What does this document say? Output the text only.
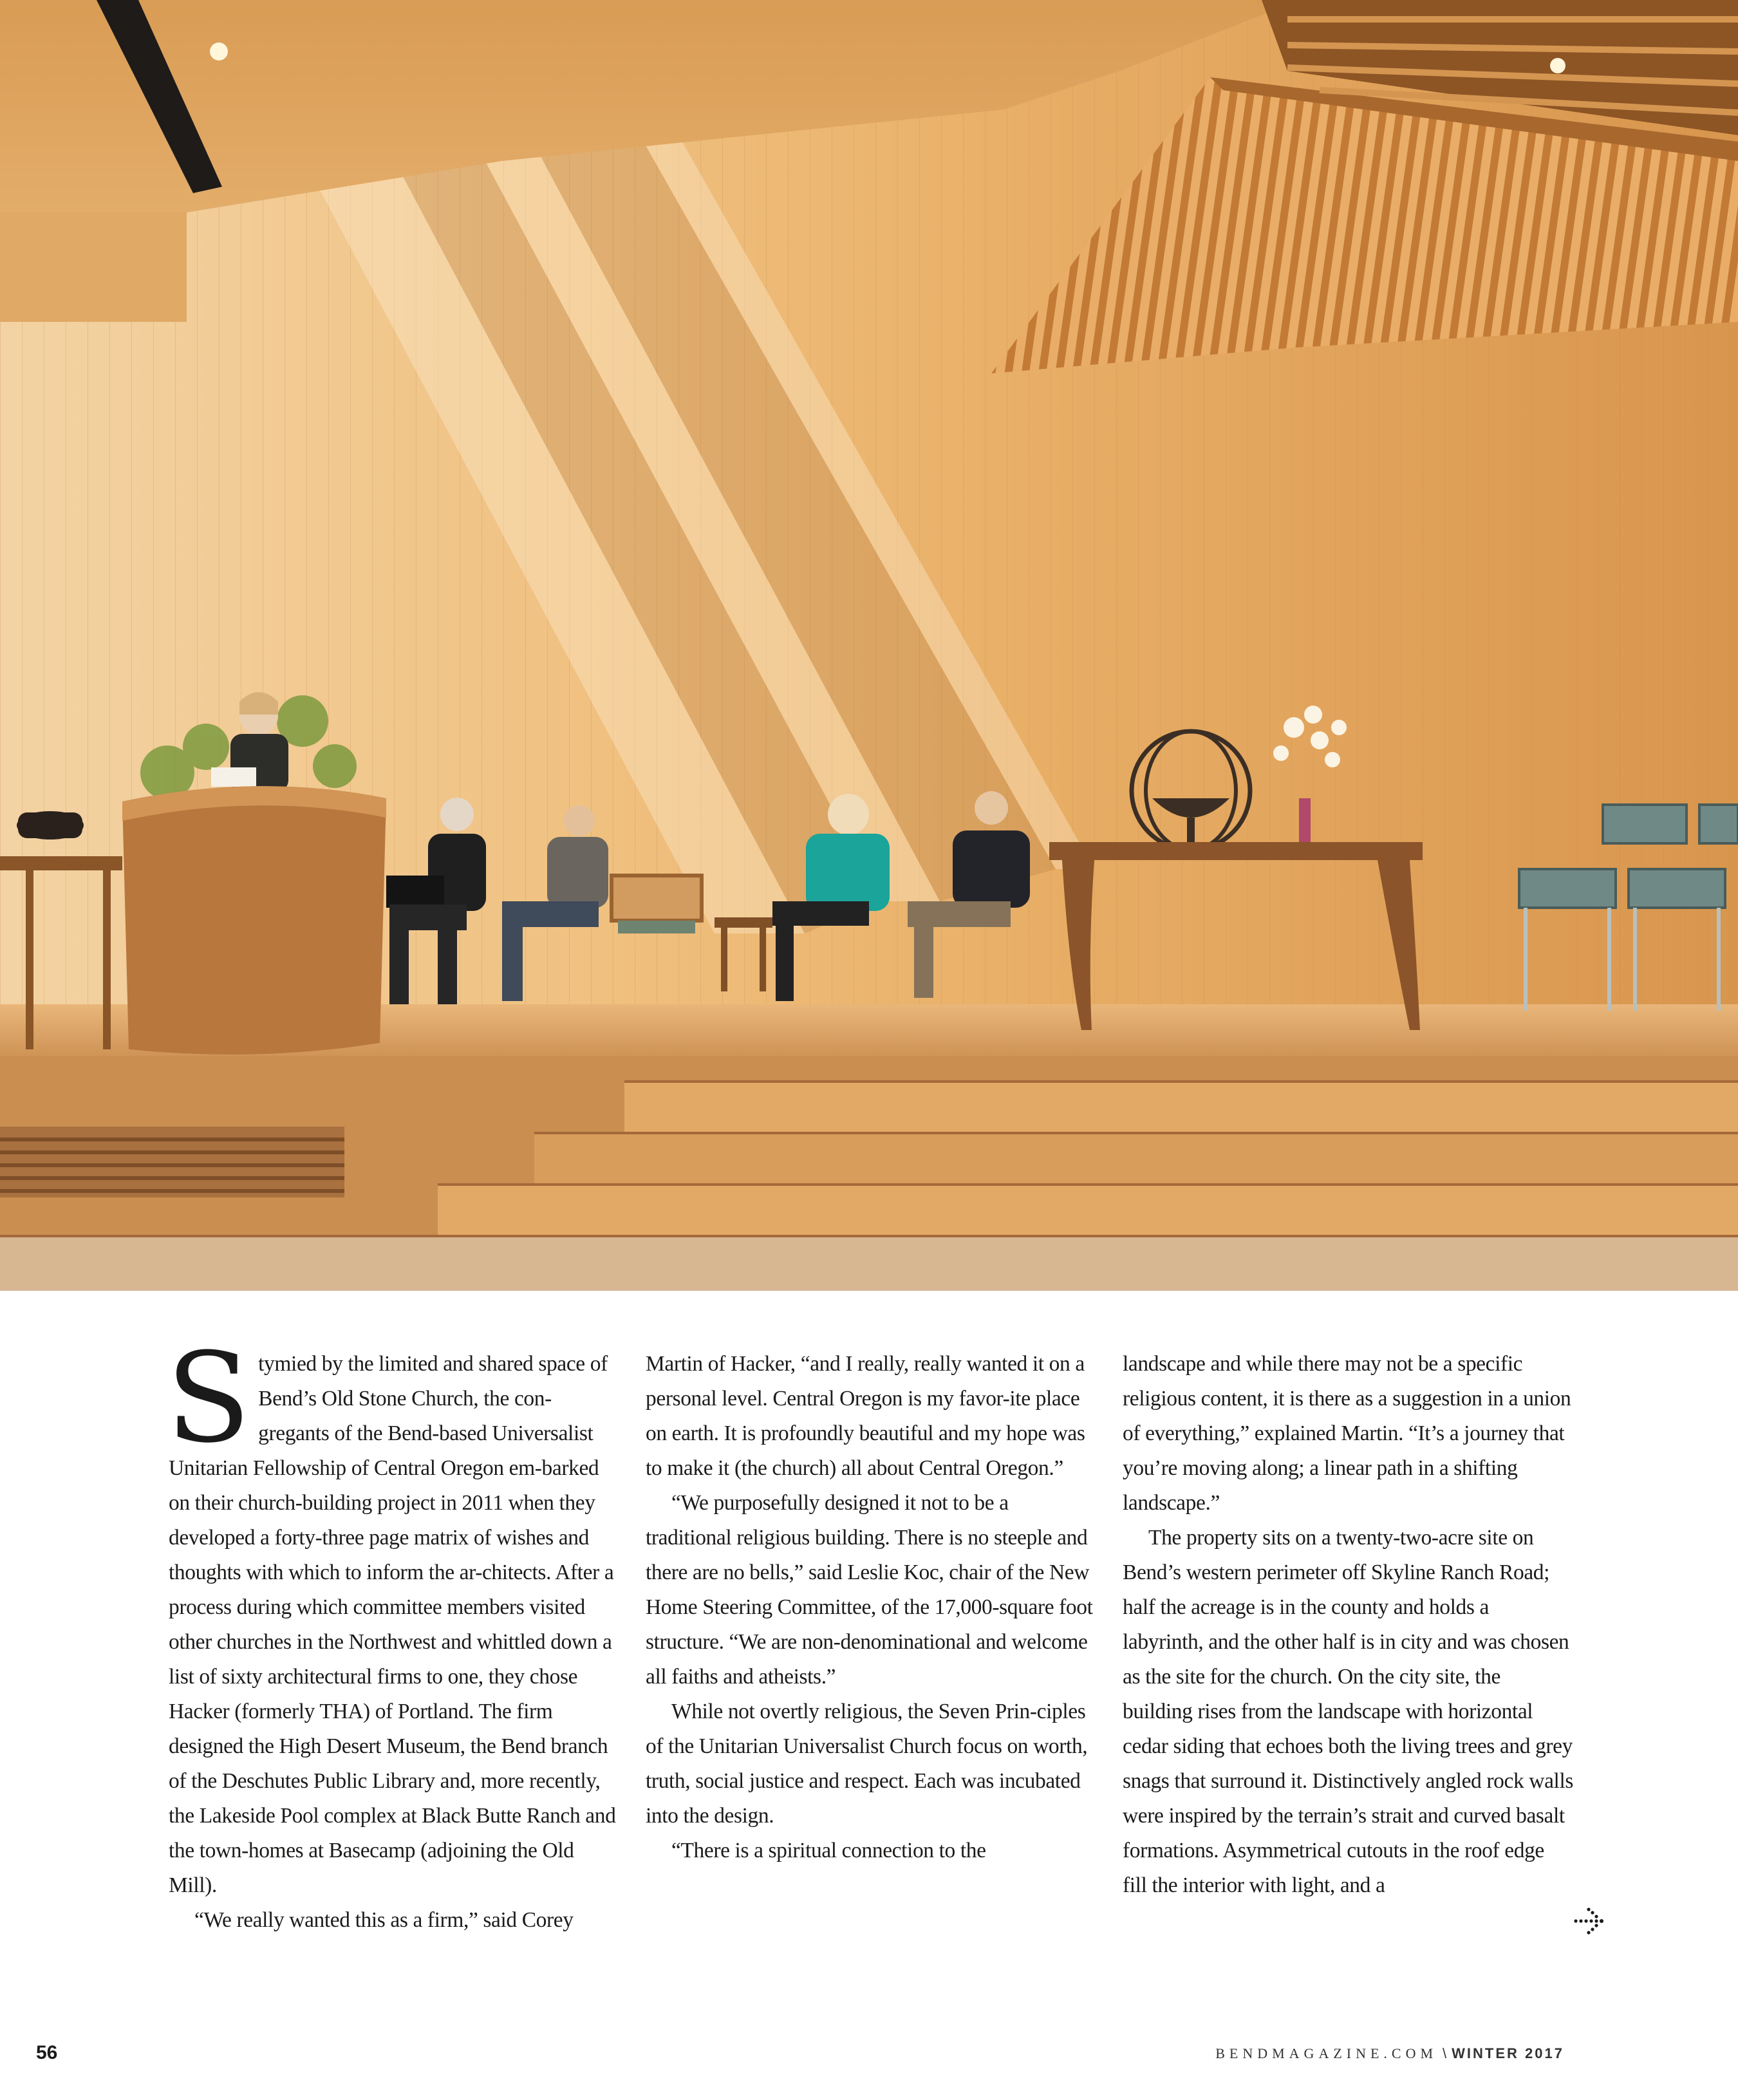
Stymied by the limited and shared space of Bend’s Old Stone Church, the con-gregants of the Bend-based Universalist Unitarian Fellowship of Central Oregon em-barked on their church-building project in 2011 when they developed a forty-three page matrix of wishes and thoughts with which to inform the ar-chitects. After a process during which committee members visited other churches in the Northwest and whittled down a list of sixty architectural firms to one, they chose Hacker (formerly THA) of Portland. The firm designed the High Desert Museum, the Bend branch of the Deschutes Public Library and, more recently, the Lakeside Pool complex at Black Butte Ranch and the town-homes at Basecamp (adjoining the Old Mill).

“We really wanted this as a firm,” said Corey

Martin of Hacker, “and I really, really wanted it on a personal level. Central Oregon is my favor-ite place on earth. It is profoundly beautiful and my hope was to make it (the church) all about Central Oregon.”

“We purposefully designed it not to be a traditional religious building. There is no steeple and there are no bells,” said Leslie Koc, chair of the New Home Steering Committee, of the 17,000-square foot structure. “We are non-denominational and welcome all faiths and atheists.”

While not overtly religious, the Seven Prin-ciples of the Unitarian Universalist Church focus on worth, truth, social justice and respect. Each was incubated into the design.

“There is a spiritual connection to the

landscape and while there may not be a specific religious content, it is there as a suggestion in a union of everything,” explained Martin. “It’s a journey that you’re moving along; a linear path in a shifting landscape.”

The property sits on a twenty-two-acre site on Bend’s western perimeter off Skyline Ranch Road; half the acreage is in the county and holds a labyrinth, and the other half is in city and was chosen as the site for the church. On the city site, the building rises from the landscape with horizontal cedar siding that echoes both the living trees and grey snags that surround it. Distinctively angled rock walls were inspired by the terrain’s strait and curved basalt formations. Asymmetrical cutouts in the roof edge fill the interior with light, and a

56	BENDMAGAZINE.COM \ WINTER 2017
